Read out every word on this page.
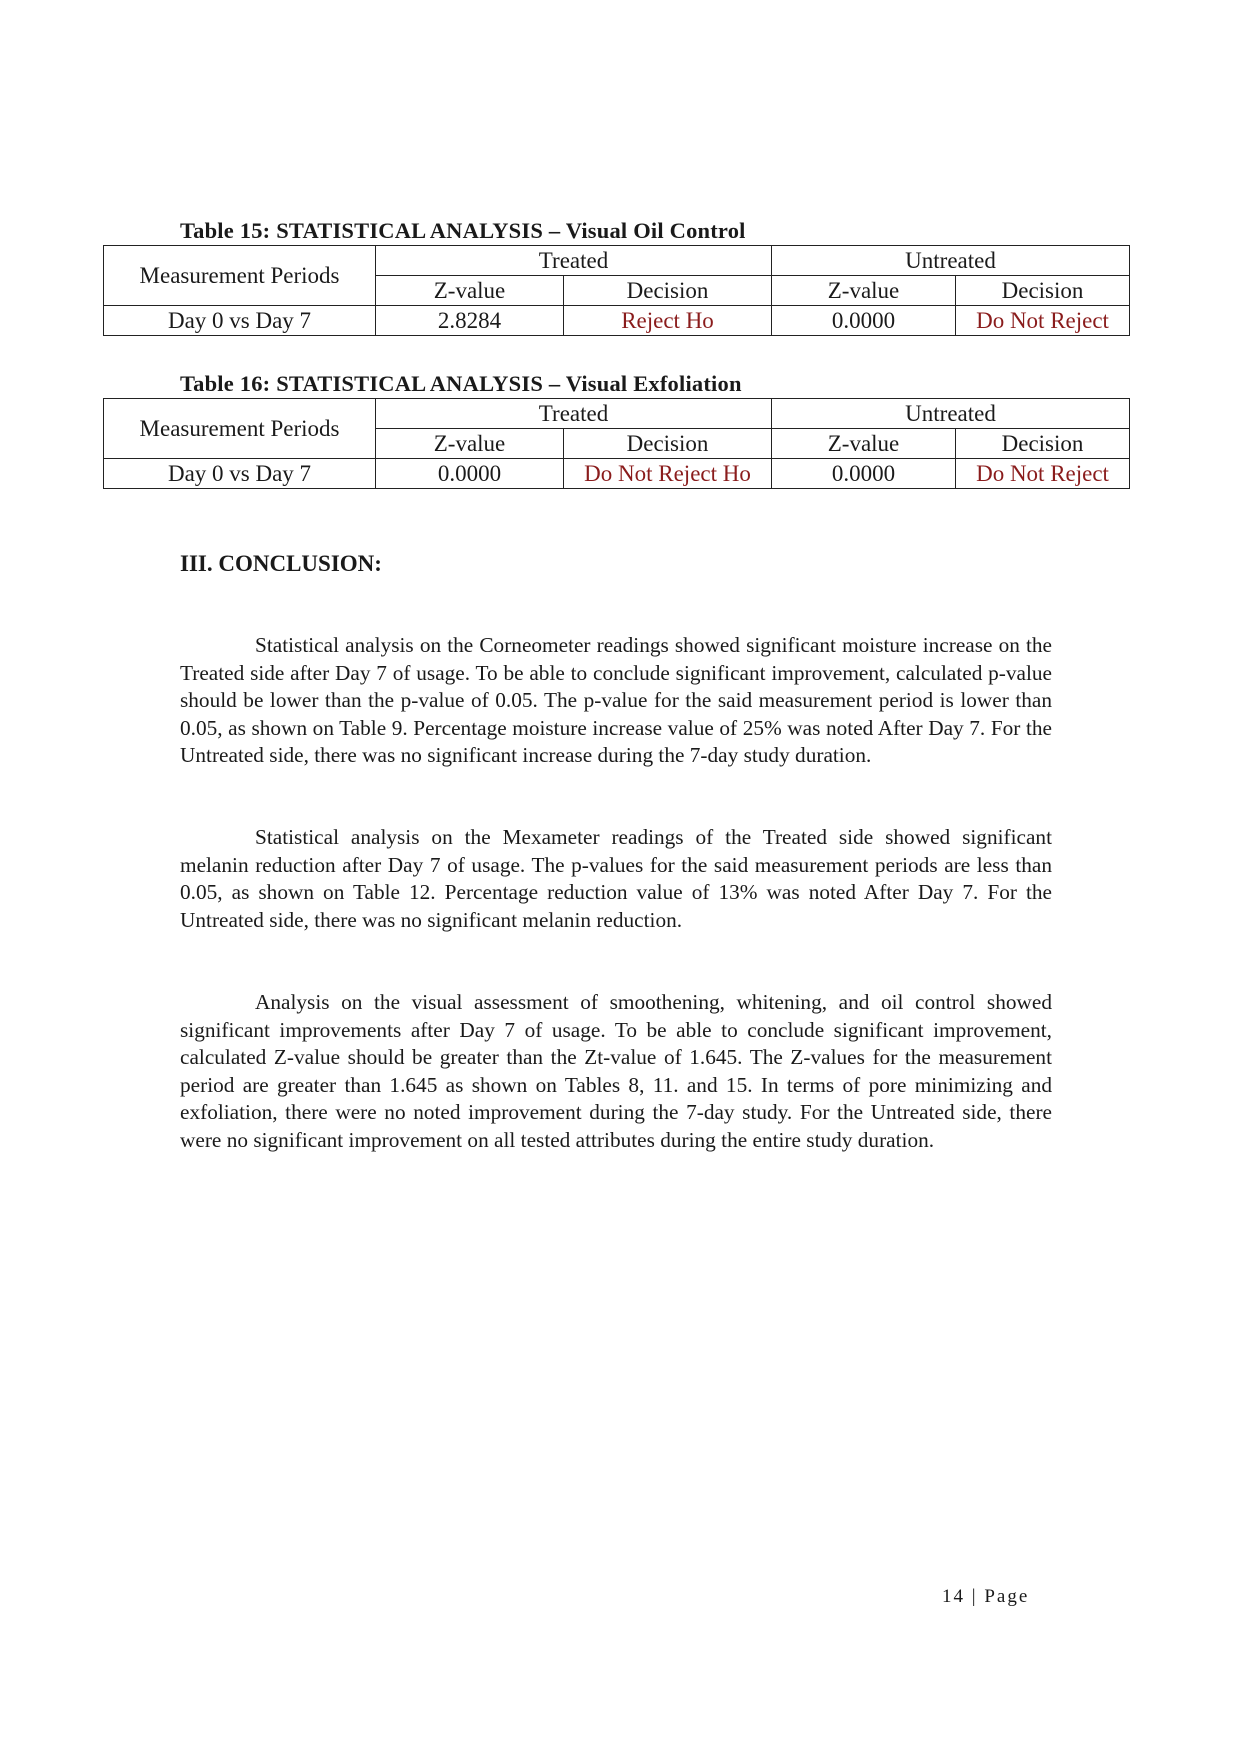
Table 15: STATISTICAL ANALYSIS – Visual Oil Control
Measurement Periods	Treated		Untreated	
	Z-value	Decision	Z-value	Decision
Day 0 vs Day 7	2.8284	Reject Ho	0.0000	Do Not Reject
Table 16: STATISTICAL ANALYSIS – Visual Exfoliation
Measurement Periods	Treated		Untreated	
	Z-value	Decision	Z-value	Decision
Day 0 vs Day 7	0.0000	Do Not Reject Ho	0.0000	Do Not Reject
III. CONCLUSION:

Statistical analysis on the Corneometer readings showed significant moisture increase on the Treated side after Day 7 of usage. To be able to conclude significant improvement, calculated p-value should be lower than the p-value of 0.05. The p-value for the said measurement period is lower than 0.05, as shown on Table 9. Percentage moisture increase value of 25% was noted After Day 7. For the Untreated side, there was no significant increase during the 7-day study duration.

Statistical analysis on the Mexameter readings of the Treated side showed significant melanin reduction after Day 7 of usage. The p-values for the said measurement periods are less than 0.05, as shown on Table 12. Percentage reduction value of 13% was noted After Day 7. For the Untreated side, there was no significant melanin reduction.

Analysis on the visual assessment of smoothening, whitening, and oil control showed significant improvements after Day 7 of usage. To be able to conclude significant improvement, calculated Z-value should be greater than the Zt-value of 1.645. The Z-values for the measurement period are greater than 1.645 as shown on Tables 8, 11. and 15. In terms of pore minimizing and exfoliation, there were no noted improvement during the 7-day study. For the Untreated side, there were no significant improvement on all tested attributes during the entire study duration.

14 | Page
